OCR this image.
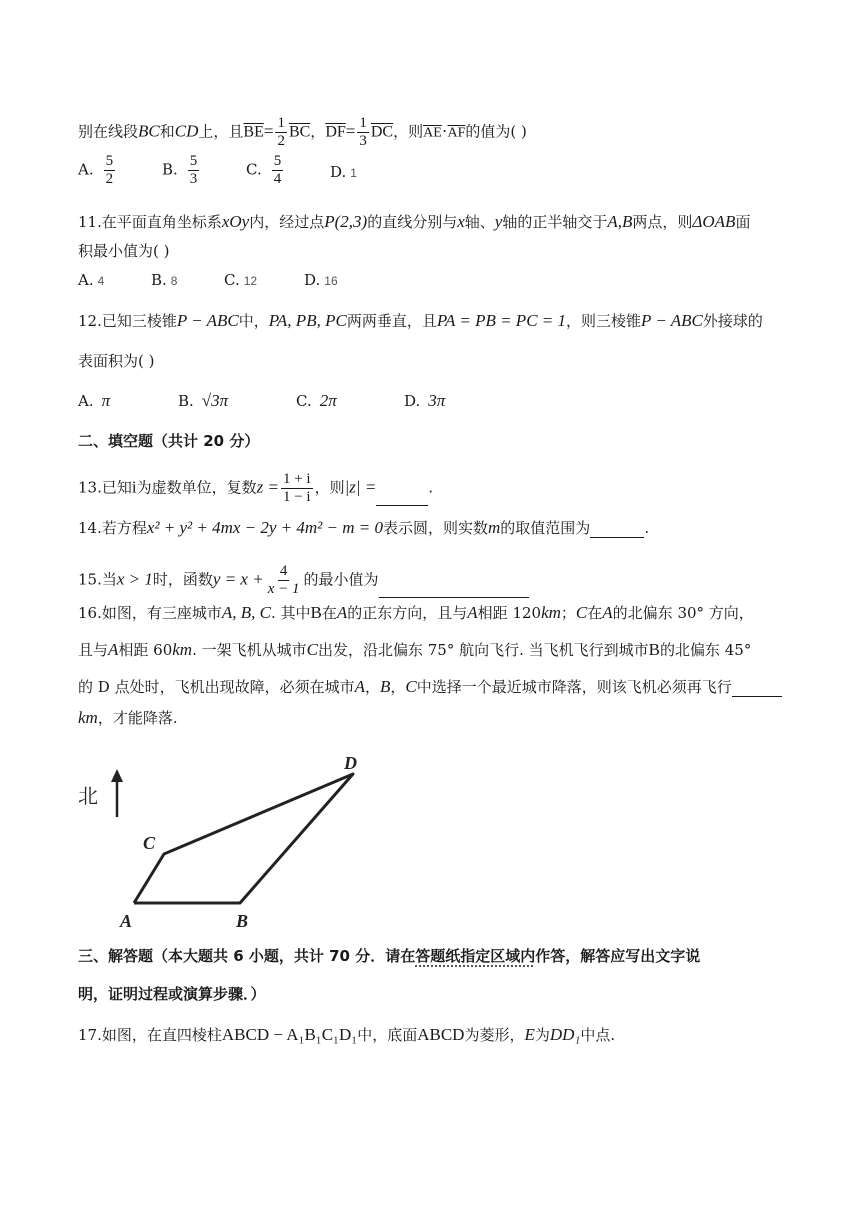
别在线段BC和CD上，且$\overline{BE}= \frac{1}{2} \overline{BC}$，$\overline{DF}= \frac{1}{3} \overline{DC}$，则$\overline{AE}\cdot\overline{AF}$的值为( )
A. $\frac{5}{2}$	B. $\frac{5}{3}$	C. $\frac{5}{4}$	D. 1
11.在平面直角坐标系xOy内，经过点P(2,3)的直线分别与x轴、y轴的正半轴交于A,B两点，则ΔOAB面
积最小值为( )
A. 4	B. 8	C. 12	D. 16
12.已知三棱锥P − ABC中，PA, PB, PC两两垂直，且PA = PB = PC = 1，则三棱锥P − ABC外接球的
表面积为( )
A. π	B. √3π	C. 2π	D. 3π
二、填空题（共计 20 分）
13.已知i为虚数单位，复数$z = \frac{1 + i}{1 - i}$ ，则|z| =	.
14.若方程x² + y² + 4mx − 2y + 4m² − m = 0表示圆，则实数m的取值范围为	.
15.当x > 1时，函数$y = x + \frac{4}{x - 1}$ 的最小值为
16.如图，有三座城市A, B, C. 其中B在A的正东方向，且与A相距 120km；C在A的北偏东 30° 方向，
且与A相距 60km. 一架飞机从城市C出发，沿北偏东 75° 航向飞行. 当飞机飞行到城市B的北偏东 45°
的 D 点处时，飞机出现故障，必须在城市A，B，C中选择一个最近城市降落，则该飞机必须再飞行
km，才能降落.
北
A	B
C
D
三、解答题（本大题共 6 小题，共计 70 分．请在答题纸指定区域内作答，解答应写出文字说
明，证明过程或演算步骤．）
17.如图，在直四棱柱ABCD − A₁B₁C₁D₁中，底面ABCD为菱形，E为DD₁中点.
